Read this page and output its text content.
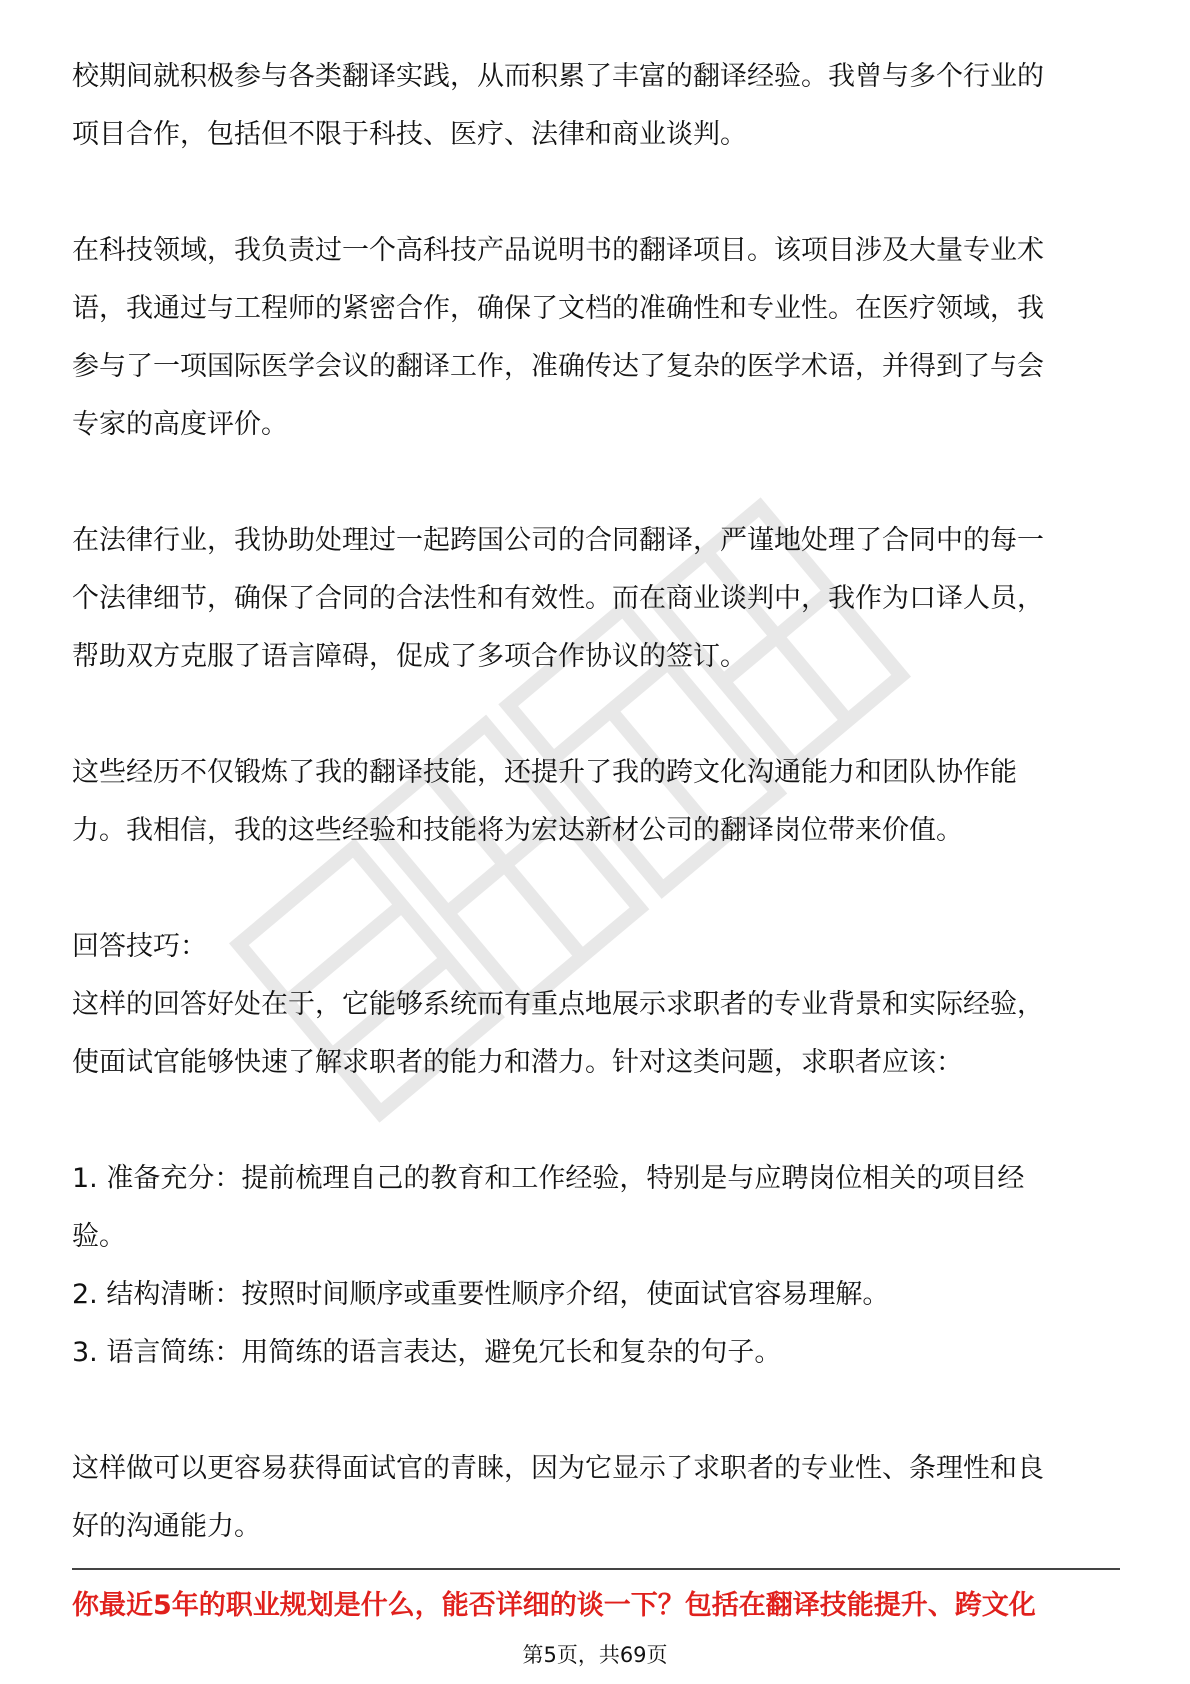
校期间就积极参与各类翻译实践，从而积累了丰富的翻译经验。我曾与多个行业的
项目合作，包括但不限于科技、医疗、法律和商业谈判。

在科技领域，我负责过一个高科技产品说明书的翻译项目。该项目涉及大量专业术
语，我通过与工程师的紧密合作，确保了文档的准确性和专业性。在医疗领域，我
参与了一项国际医学会议的翻译工作，准确传达了复杂的医学术语，并得到了与会
专家的高度评价。

在法律行业，我协助处理过一起跨国公司的合同翻译，严谨地处理了合同中的每一
个法律细节，确保了合同的合法性和有效性。而在商业谈判中，我作为口译人员，
帮助双方克服了语言障碍，促成了多项合作协议的签订。

这些经历不仅锻炼了我的翻译技能，还提升了我的跨文化沟通能力和团队协作能
力。我相信，我的这些经验和技能将为宏达新材公司的翻译岗位带来价值。

回答技巧：

这样的回答好处在于，它能够系统而有重点地展示求职者的专业背景和实际经验，
使面试官能够快速了解求职者的能力和潜力。针对这类问题，求职者应该：

1. 准备充分：提前梳理自己的教育和工作经验，特别是与应聘岗位相关的项目经
验。
2. 结构清晰：按照时间顺序或重要性顺序介绍，使面试官容易理解。
3. 语言简练：用简练的语言表达，避免冗长和复杂的句子。

这样做可以更容易获得面试官的青睐，因为它显示了求职者的专业性、条理性和良
好的沟通能力。

你最近5年的职业规划是什么，能否详细的谈一下？包括在翻译技能提升、跨文化
第5页，共69页
